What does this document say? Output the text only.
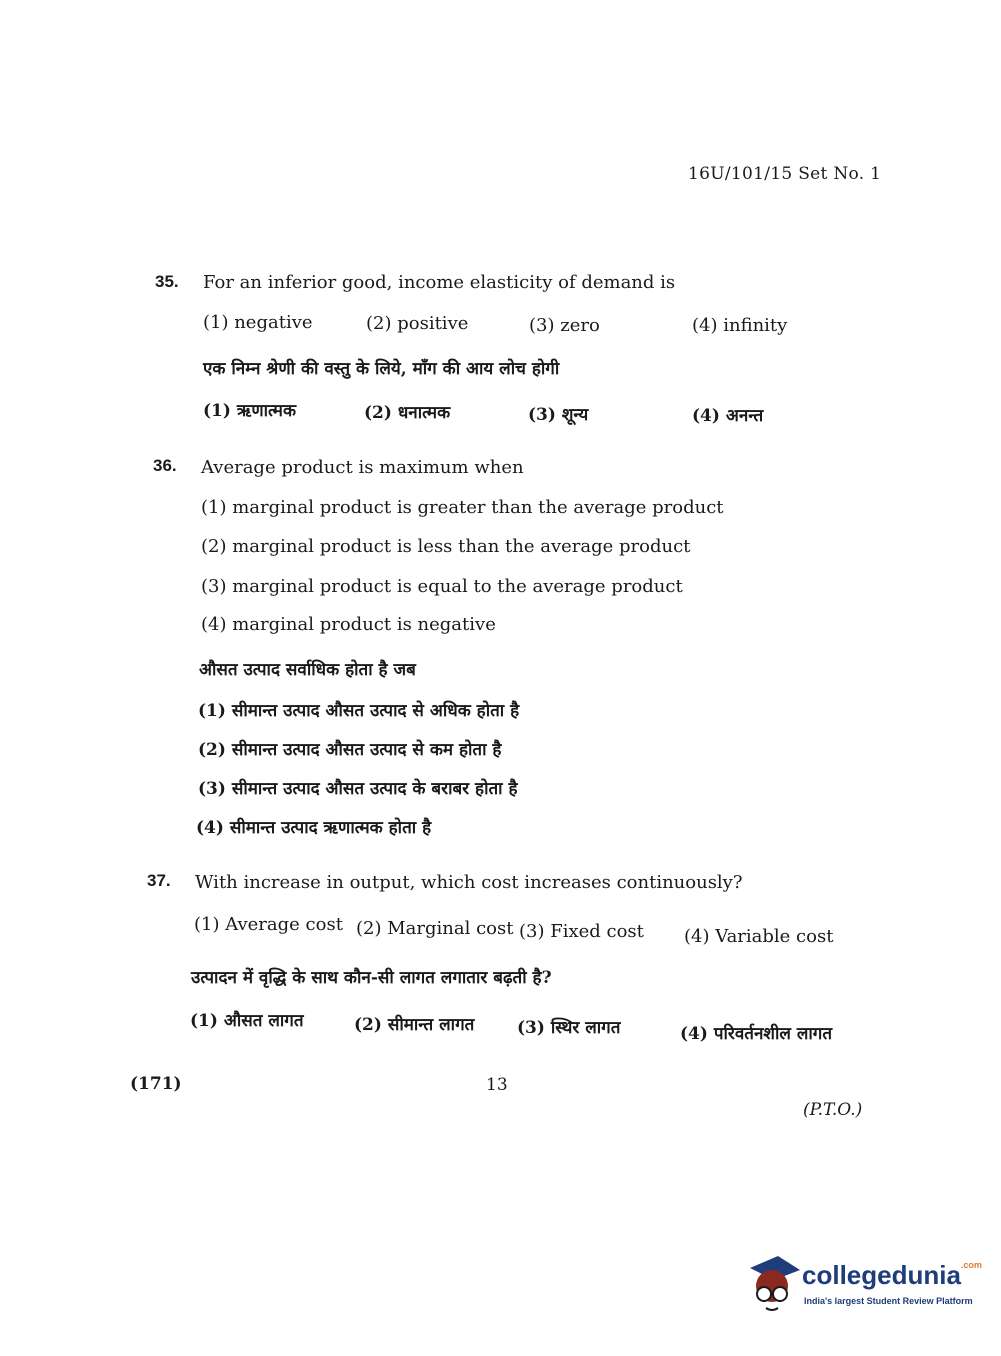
16U/101/15 Set No. 1
35. For an inferior good, income elasticity of demand is
(1) negative	(2) positive	(3) zero	(4) infinity
एक निम्न श्रेणी की वस्तु के लिये, माँग की आय लोच होगी
(1) ऋणात्मक	(2) धनात्मक	(3) शून्य	(4) अनन्त
36. Average product is maximum when
(1) marginal product is greater than the average product
(2) marginal product is less than the average product
(3) marginal product is equal to the average product
(4) marginal product is negative
औसत उत्पाद सर्वाधिक होता है जब
(1) सीमान्त उत्पाद औसत उत्पाद से अधिक होता है
(2) सीमान्त उत्पाद औसत उत्पाद से कम होता है
(3) सीमान्त उत्पाद औसत उत्पाद के बराबर होता है
(4) सीमान्त उत्पाद ऋणात्मक होता है
37. With increase in output, which cost increases continuously?
(1) Average cost (2) Marginal cost (3) Fixed cost (4) Variable cost
उत्पादन में वृद्धि के साथ कौन-सी लागत लगातार बढ़ती है?
(1) औसत लागत	(2) सीमान्त लागत	(3) स्थिर लागत	(4) परिवर्तनशील लागत
(171)	13
(P.T.O.)
collegedunia$^{.com}$
India's largest Student Review Platform
